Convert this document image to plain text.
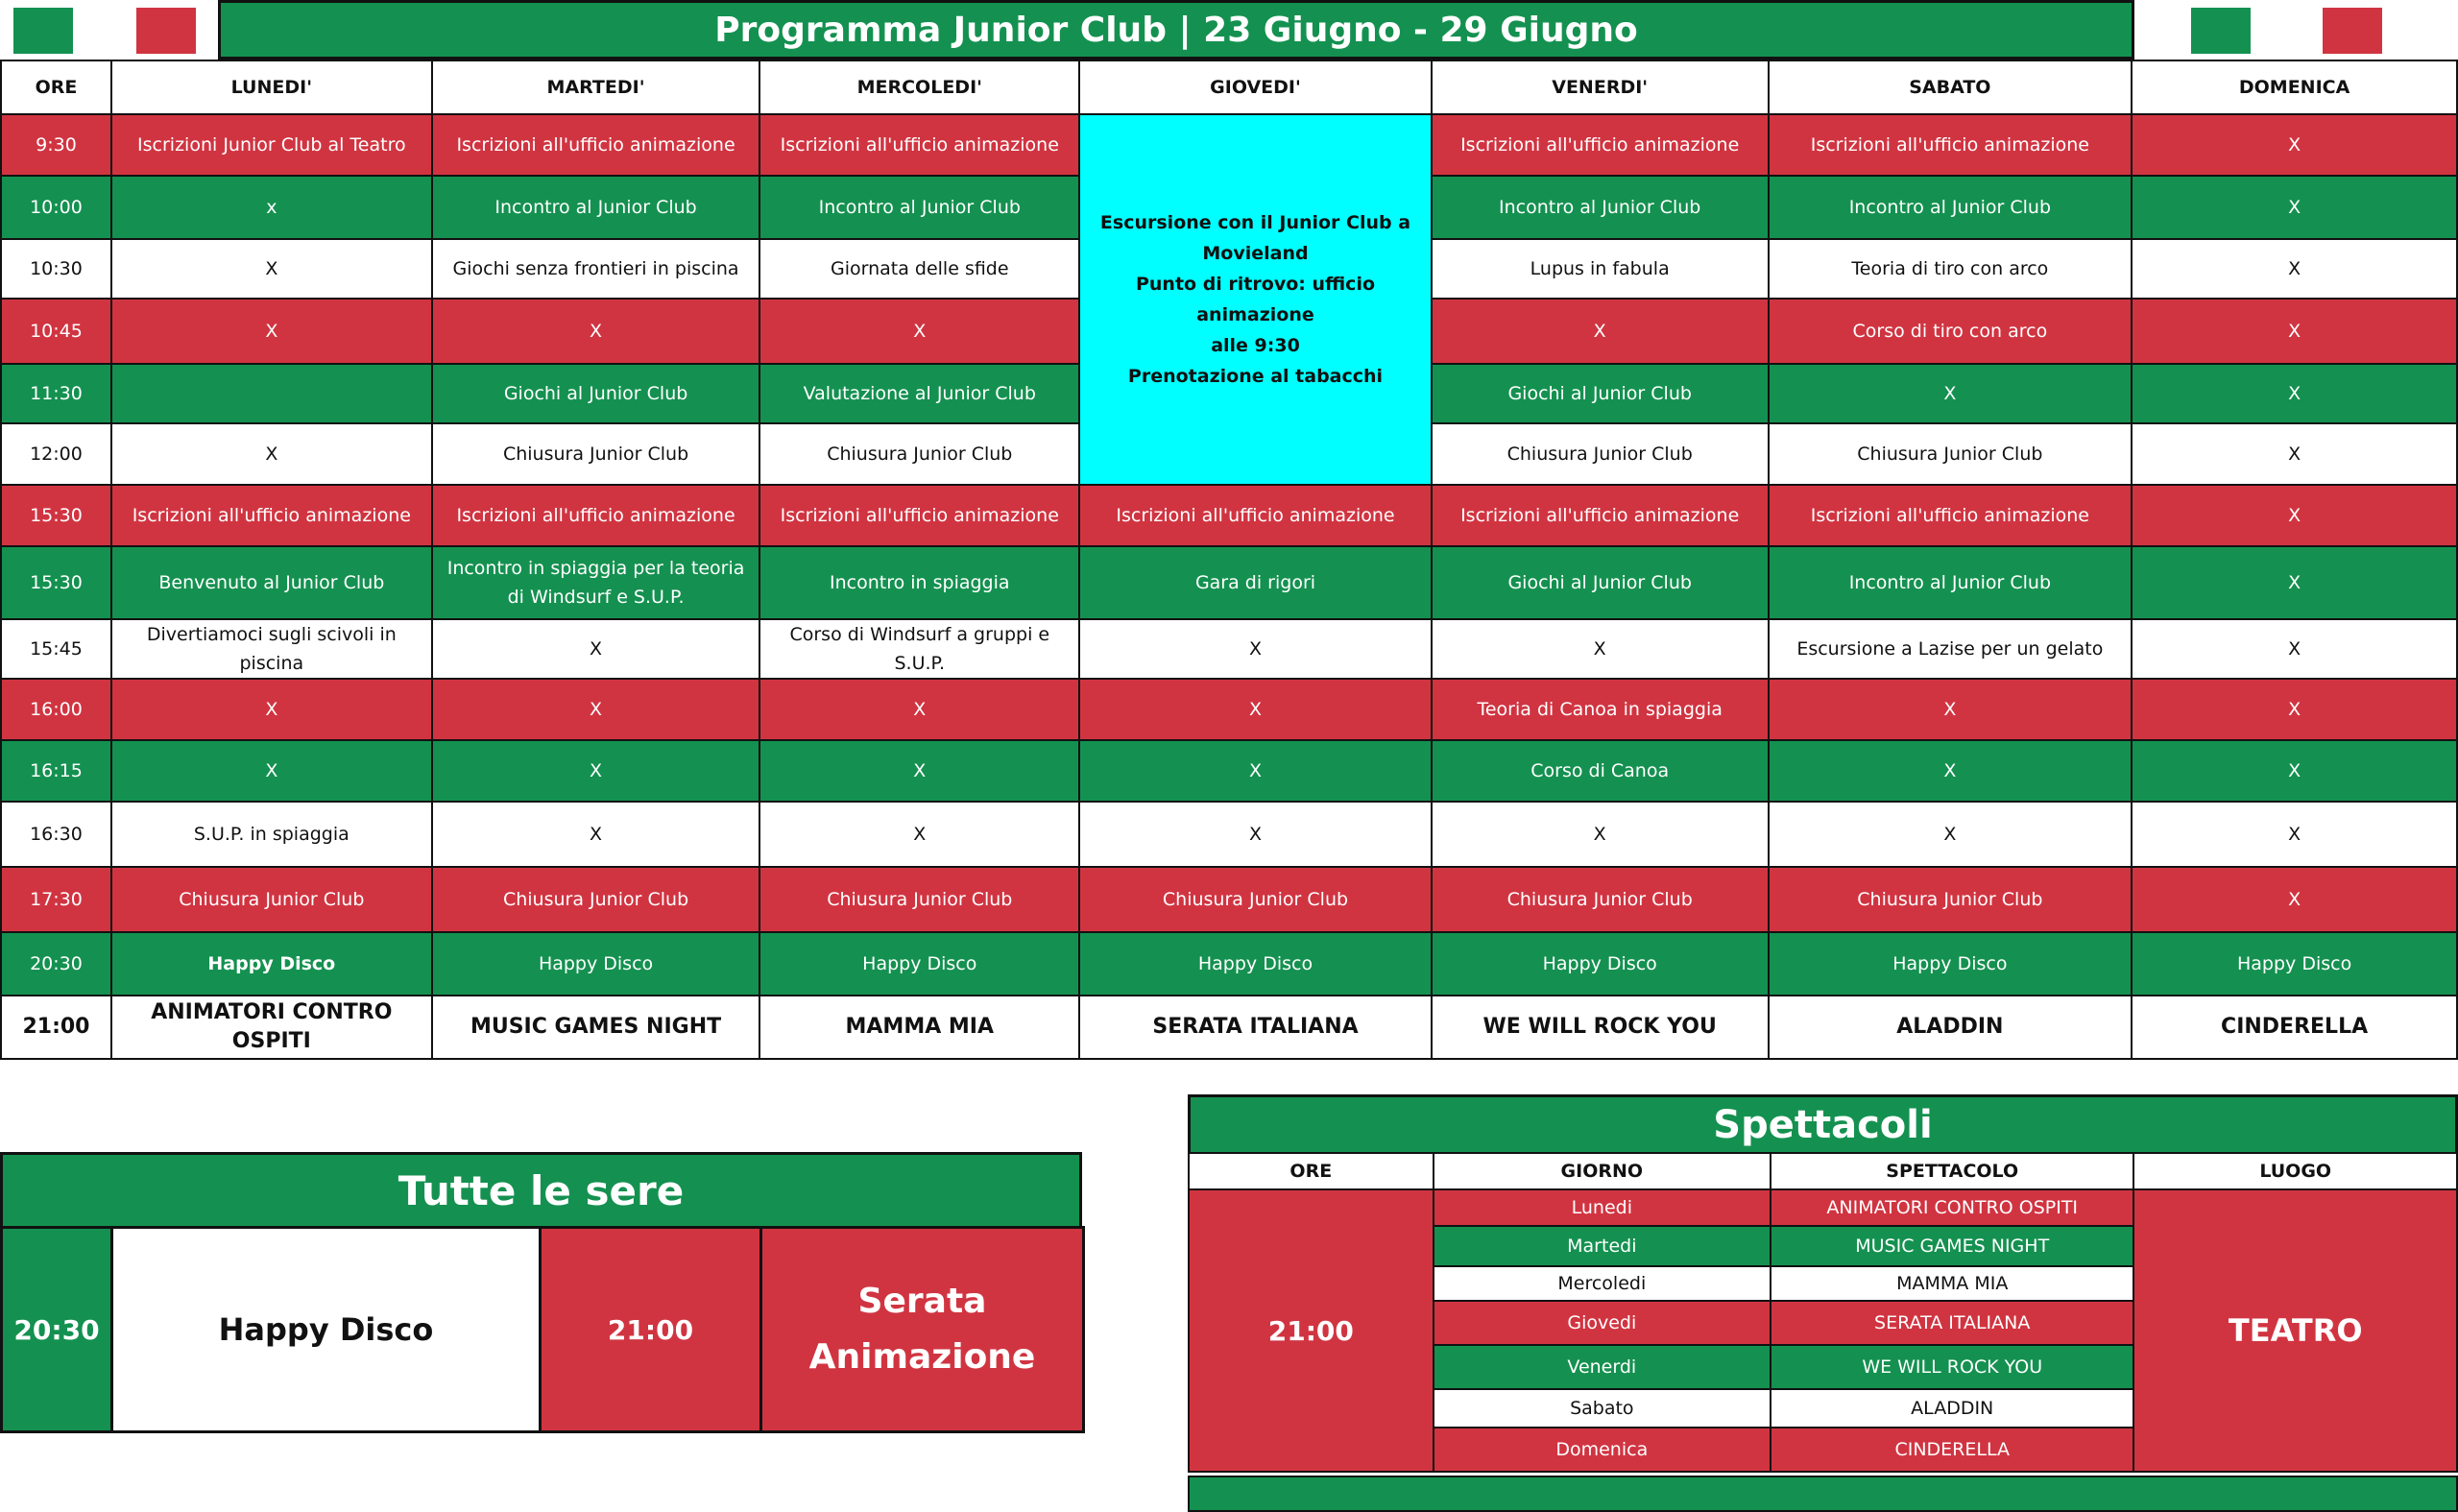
Programma Junior Club | 23 Giugno - 29 Giugno
ORE	LUNEDI'	MARTEDI'	MERCOLEDI'	GIOVEDI'	VENERDI'	SABATO	DOMENICA
9:30	Iscrizioni Junior Club al Teatro	Iscrizioni all'ufficio animazione	Iscrizioni all'ufficio animazione	Escursione con il Junior Club a
Movieland
Punto di ritrovo: ufficio animazione
alle 9:30
Prenotazione al tabacchi	Iscrizioni all'ufficio animazione	Iscrizioni all'ufficio animazione	X
10:00	x	Incontro al Junior Club	Incontro al Junior Club		Incontro al Junior Club	Incontro al Junior Club	X
10:30	X	Giochi senza frontieri in piscina	Giornata delle sfide		Lupus in fabula	Teoria di tiro con arco	X
10:45	X	X	X		X	Corso di tiro con arco	X
11:30		Giochi al Junior Club	Valutazione al Junior Club		Giochi al Junior Club	X	X
12:00	X	Chiusura Junior Club	Chiusura Junior Club		Chiusura Junior Club	Chiusura Junior Club	X
15:30	Iscrizioni all'ufficio animazione	Iscrizioni all'ufficio animazione	Iscrizioni all'ufficio animazione	Iscrizioni all'ufficio animazione	Iscrizioni all'ufficio animazione	Iscrizioni all'ufficio animazione	X
15:30	Benvenuto al Junior Club	Incontro in spiaggia per la teoria di Windsurf e S.U.P.	Incontro in spiaggia	Gara di rigori	Giochi al Junior Club	Incontro al Junior Club	X
15:45	Divertiamoci sugli scivoli in piscina	X	Corso di Windsurf a gruppi e S.U.P.	X	X	Escursione a Lazise per un gelato	X
16:00	X	X	X	X	Teoria di Canoa in spiaggia	X	X
16:15	X	X	X	X	Corso di Canoa	X	X
16:30	S.U.P. in spiaggia	X	X	X	X	X	X
17:30	Chiusura Junior Club	Chiusura Junior Club	Chiusura Junior Club	Chiusura Junior Club	Chiusura Junior Club	Chiusura Junior Club	X
20:30	Happy Disco	Happy Disco	Happy Disco	Happy Disco	Happy Disco	Happy Disco	Happy Disco
21:00	ANIMATORI CONTRO OSPITI	MUSIC GAMES NIGHT	MAMMA MIA	SERATA ITALIANA	WE WILL ROCK YOU	ALADDIN	CINDERELLA
Tutte le sere
20:30	Happy Disco	21:00	Serata Animazione
Spettacoli
ORE	GIORNO	SPETTACOLO	LUOGO
21:00	Lunedi	ANIMATORI CONTRO OSPITI	TEATRO
	Martedi	MUSIC GAMES NIGHT	
	Mercoledi	MAMMA MIA	
	Giovedi	SERATA ITALIANA	
	Venerdi	WE WILL ROCK YOU	
	Sabato	ALADDIN	
	Domenica	CINDERELLA	
